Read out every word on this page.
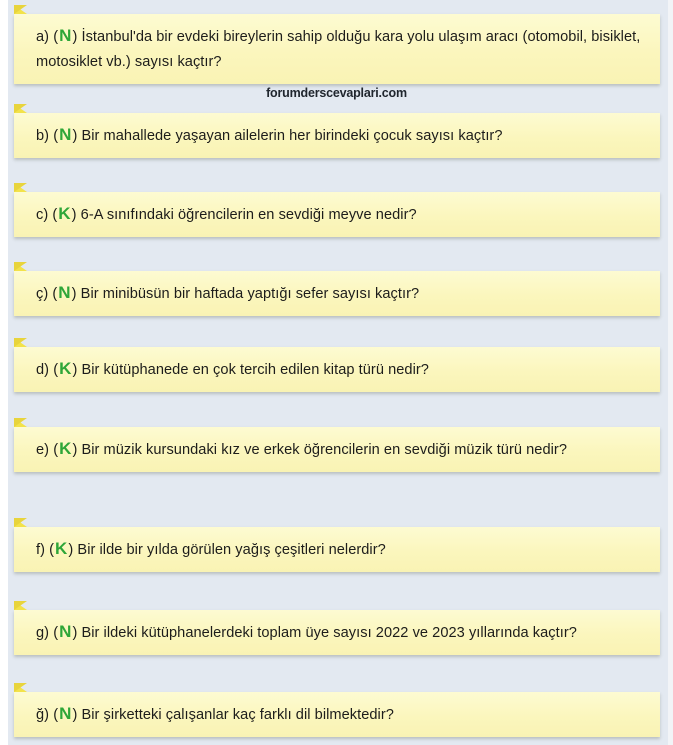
forumderscevaplari.com
a) (N) İstanbul'da bir evdeki bireylerin sahip olduğu kara yolu ulaşım aracı (otomobil, bisiklet, motosiklet vb.) sayısı kaçtır?
b) (N) Bir mahallede yaşayan ailelerin her birindeki çocuk sayısı kaçtır?
c) (K) 6-A sınıfındaki öğrencilerin en sevdiği meyve nedir?
ç) (N) Bir minibüsün bir haftada yaptığı sefer sayısı kaçtır?
d) (K) Bir kütüphanede en çok tercih edilen kitap türü nedir?
e) (K) Bir müzik kursundaki kız ve erkek öğrencilerin en sevdiği müzik türü nedir?
f) (K) Bir ilde bir yılda görülen yağış çeşitleri nelerdir?
g) (N) Bir ildeki kütüphanelerdeki toplam üye sayısı 2022 ve 2023 yıllarında kaçtır?
ğ) (N) Bir şirketteki çalışanlar kaç farklı dil bilmektedir?
